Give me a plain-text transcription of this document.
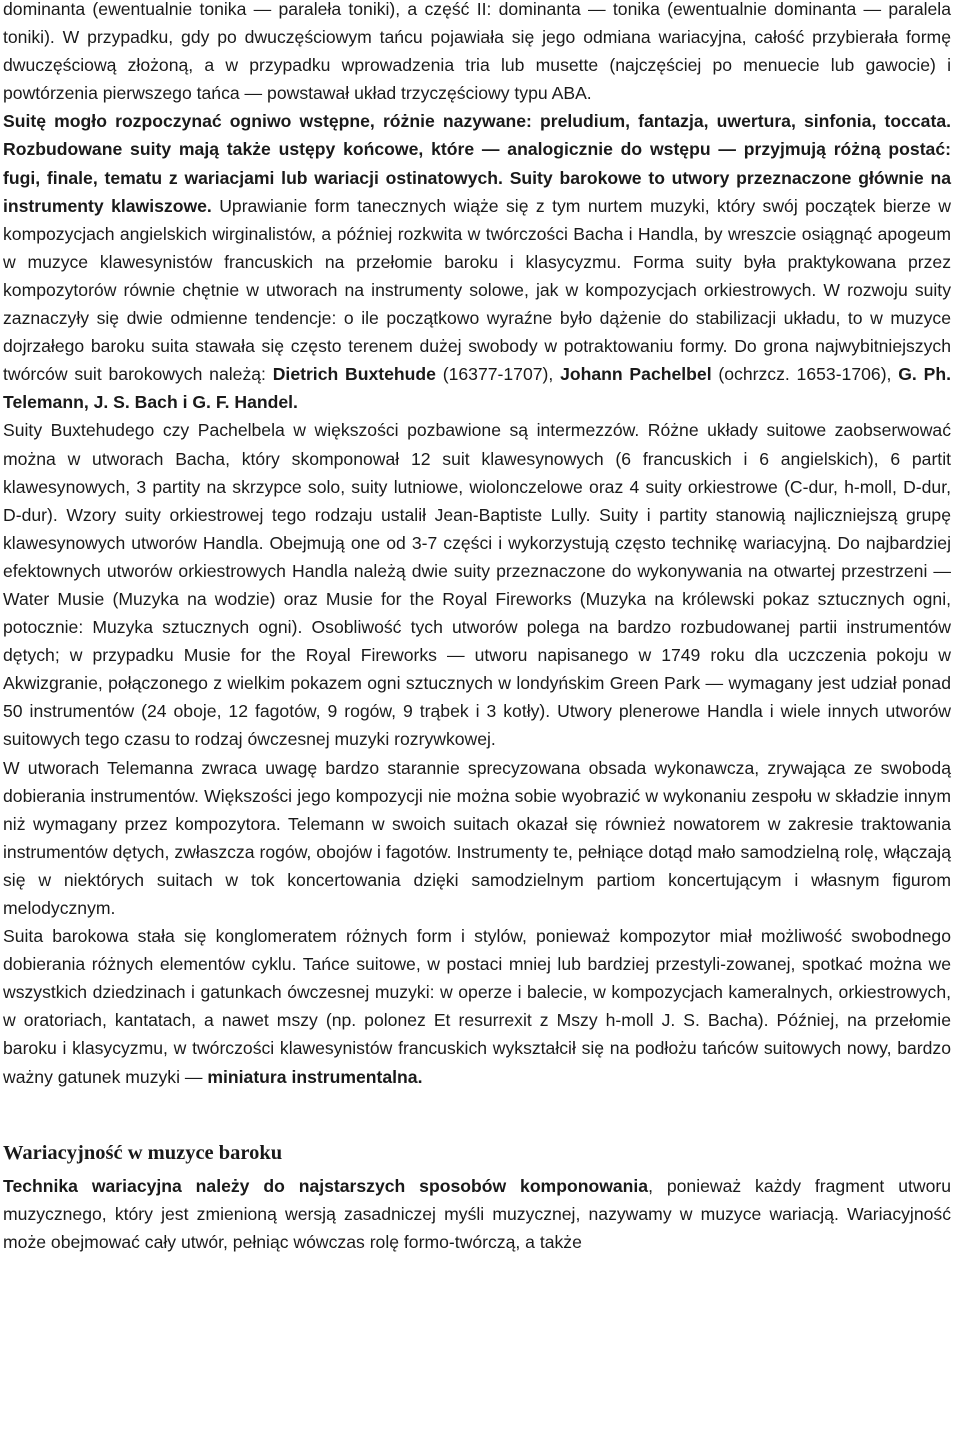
dominanta (ewentualnie tonika — paraleła toniki), a część II: dominanta — tonika (ewentualnie dominanta — paralela toniki). W przypadku, gdy po dwuczęściowym tańcu pojawiała się jego odmiana wariacyjna, całość przybierała formę dwuczęściową złożoną, a w przypadku wprowadzenia tria lub musette (najczęściej po menuecie lub gawocie) i powtórzenia pierwszego tańca — powstawał układ trzyczęściowy typu ABA.

Suitę mogło rozpoczynać ogniwo wstępne, różnie nazywane: preludium, fantazja, uwertura, sinfonia, toccata. Rozbudowane suity mają także ustępy końcowe, które — analogicznie do wstępu — przyjmują różną postać: fugi, finale, tematu z wariacjami lub wariacji ostinatowych. Suity barokowe to utwory przeznaczone głównie na instrumenty klawiszowe. Uprawianie form tanecznych wiąże się z tym nurtem muzyki, który swój początek bierze w kompozycjach angielskich wirginalistów, a później rozkwita w twórczości Bacha i Handla, by wreszcie osiągnąć apogeum w muzyce klawesynistów francuskich na przełomie baroku i klasycyzmu. Forma suity była praktykowana przez kompozytorów równie chętnie w utworach na instrumenty solowe, jak w kompozycjach orkiestrowych. W rozwoju suity zaznaczyły się dwie odmienne tendencje: o ile początkowo wyraźne było dążenie do stabilizacji układu, to w muzyce dojrzałego baroku suita stawała się często terenem dużej swobody w potraktowaniu formy. Do grona najwybitniejszych twórców suit barokowych należą: Dietrich Buxtehude (16377-1707), Johann Pachelbel (ochrzcz. 1653-1706), G. Ph. Telemann, J. S. Bach i G. F. Handel.

Suity Buxtehudego czy Pachelbela w większości pozbawione są intermezzów. Różne układy suitowe zaobserwować można w utworach Bacha, który skomponował 12 suit klawesynowych (6 francuskich i 6 angielskich), 6 partit klawesynowych, 3 partity na skrzypce solo, suity lutniowe, wiolonczelowe oraz 4 suity orkiestrowe (C-dur, h-moll, D-dur, D-dur). Wzory suity orkiestrowej tego rodzaju ustalił Jean-Baptiste Lully. Suity i partity stanowią najliczniejszą grupę klawesynowych utworów Handla. Obejmują one od 3-7 części i wykorzystują często technikę wariacyjną. Do najbardziej efektownych utworów orkiestrowych Handla należą dwie suity przeznaczone do wykonywania na otwartej przestrzeni — Water Musie (Muzyka na wodzie) oraz Musie for the Royal Fireworks (Muzyka na królewski pokaz sztucznych ogni, potocznie: Muzyka sztucznych ogni). Osobliwość tych utworów polega na bardzo rozbudowanej partii instrumentów dętych; w przypadku Musie for the Royal Fireworks — utworu napisanego w 1749 roku dla uczczenia pokoju w Akwizgranie, połączonego z wielkim pokazem ogni sztucznych w londyńskim Green Park — wymagany jest udział ponad 50 instrumentów (24 oboje, 12 fagotów, 9 rogów, 9 trąbek i 3 kotły). Utwory plenerowe Handla i wiele innych utworów suitowych tego czasu to rodzaj ówczesnej muzyki rozrywkowej.

W utworach Telemanna zwraca uwagę bardzo starannie sprecyzowana obsada wykonawcza, zrywająca ze swobodą dobierania instrumentów. Większości jego kompozycji nie można sobie wyobrazić w wykonaniu zespołu w składzie innym niż wymagany przez kompozytora. Telemann w swoich suitach okazał się również nowatorem w zakresie traktowania instrumentów dętych, zwłaszcza rogów, obojów i fagotów. Instrumenty te, pełniące dotąd mało samodzielną rolę, włączają się w niektórych suitach w tok koncertowania dzięki samodzielnym partiom koncertującym i własnym figurom melodycznym.

Suita barokowa stała się konglomeratem różnych form i stylów, ponieważ kompozytor miał możliwość swobodnego dobierania różnych elementów cyklu. Tańce suitowe, w postaci mniej lub bardziej przestyli-zowanej, spotkać można we wszystkich dziedzinach i gatunkach ówczesnej muzyki: w operze i balecie, w kompozycjach kameralnych, orkiestrowych, w oratoriach, kantatach, a nawet mszy (np. polonez Et resurrexit z Mszy h-moll J. S. Bacha). Później, na przełomie baroku i klasycyzmu, w twórczości klawesynistów francuskich wykształcił się na podłożu tańców suitowych nowy, bardzo ważny gatunek muzyki — miniatura instrumentalna.

Wariacyjność w muzyce baroku

Technika wariacyjna należy do najstarszych sposobów komponowania, ponieważ każdy fragment utworu muzycznego, który jest zmienioną wersją zasadniczej myśli muzycznej, nazywamy w muzyce wariacją. Wariacyjność może obejmować cały utwór, pełniąc wówczas rolę formo-twórczą, a także
